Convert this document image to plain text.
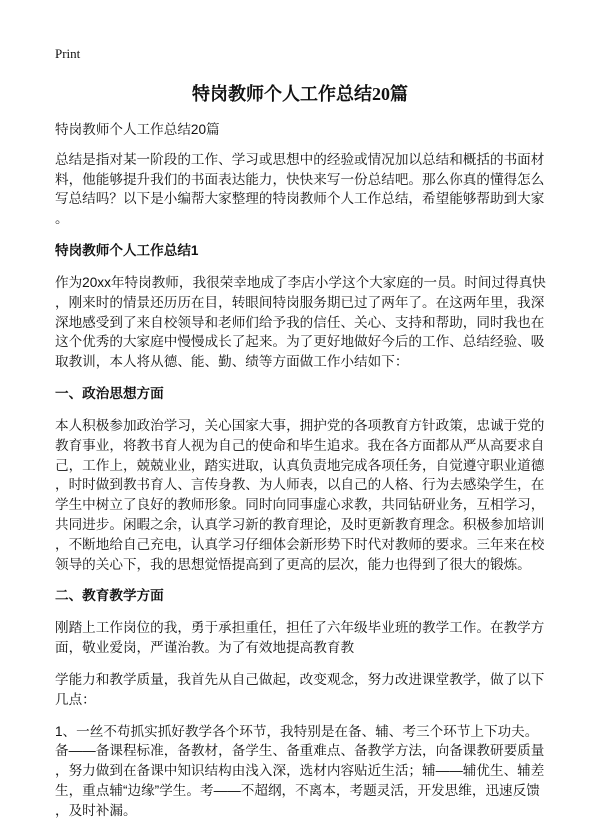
Print
特岗教师个人工作总结20篇
特岗教师个人工作总结20篇
总结是指对某一阶段的工作、学习或思想中的经验或情况加以总结和概括的书面材
料，他能够提升我们的书面表达能力，快快来写一份总结吧。那么你真的懂得怎么
写总结吗？以下是小编帮大家整理的特岗教师个人工作总结，希望能够帮助到大家
。
特岗教师个人工作总结1
作为20xx年特岗教师，我很荣幸地成了李店小学这个大家庭的一员。时间过得真快
，刚来时的情景还历历在目，转眼间特岗服务期已过了两年了。在这两年里，我深
深地感受到了来自校领导和老师们给予我的信任、关心、支持和帮助，同时我也在
这个优秀的大家庭中慢慢成长了起来。为了更好地做好今后的工作、总结经验、吸
取教训，本人将从德、能、勤、绩等方面做工作小结如下：
一、政治思想方面
本人积极参加政治学习，关心国家大事，拥护党的各项教育方针政策，忠诚于党的
教育事业，将教书育人视为自己的使命和毕生追求。我在各方面都从严从高要求自
己，工作上，兢兢业业，踏实进取，认真负责地完成各项任务，自觉遵守职业道德
，时时做到教书育人、言传身教、为人师表，以自己的人格、行为去感染学生，在
学生中树立了良好的教师形象。同时向同事虚心求教，共同钻研业务，互相学习，
共同进步。闲暇之余，认真学习新的教育理论，及时更新教育理念。积极参加培训
，不断地给自己充电，认真学习仔细体会新形势下时代对教师的要求。三年来在校
领导的关心下，我的思想觉悟提高到了更高的层次，能力也得到了很大的锻炼。
二、教育教学方面
刚踏上工作岗位的我，勇于承担重任，担任了六年级毕业班的教学工作。在教学方
面，敬业爱岗，严谨治教。为了有效地提高教育教
学能力和教学质量，我首先从自己做起，改变观念，努力改进课堂教学，做了以下
几点：
1、一丝不苟抓实抓好教学各个环节，我特别是在备、辅、考三个环节上下功夫。
备——备课程标准，备教材，备学生、备重难点、备教学方法，向备课教研要质量
，努力做到在备课中知识结构由浅入深，选材内容贴近生活；辅——辅优生、辅差
生，重点辅“边缘”学生。考——不超纲，不离本，考题灵活，开发思维，迅速反馈
，及时补漏。
